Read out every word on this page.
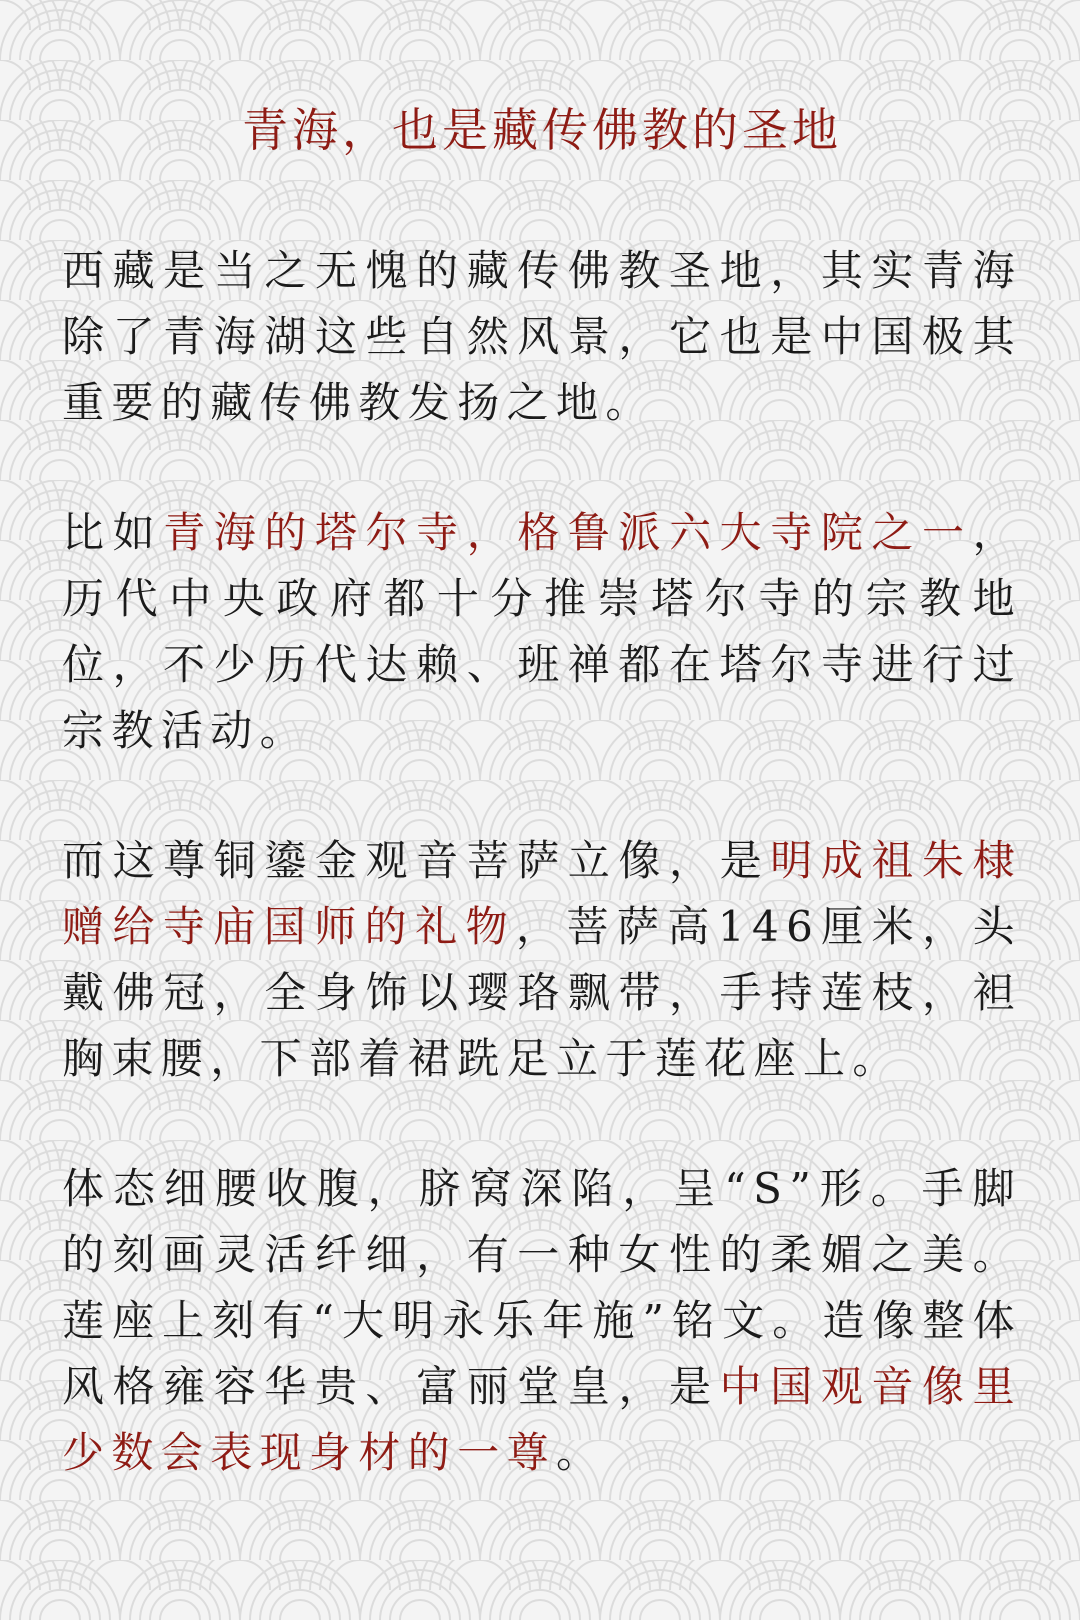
青海，也是藏传佛教的圣地

西藏是当之无愧的藏传佛教圣地，其实青海除了青海湖这些自然风景，它也是中国极其重要的藏传佛教发扬之地。

比如青海的塔尔寺，格鲁派六大寺院之一，历代中央政府都十分推崇塔尔寺的宗教地位，不少历代达赖、班禅都在塔尔寺进行过宗教活动。

而这尊铜鎏金观音菩萨立像，是明成祖朱棣赠给寺庙国师的礼物，菩萨高146厘米，头戴佛冠，全身饰以璎珞飘带，手持莲枝，袒胸束腰，下部着裙跣足立于莲花座上。

体态细腰收腹，脐窝深陷，呈“S”形。手脚的刻画灵活纤细，有一种女性的柔媚之美。莲座上刻有“大明永乐年施”铭文。造像整体风格雍容华贵、富丽堂皇，是中国观音像里少数会表现身材的一尊。
